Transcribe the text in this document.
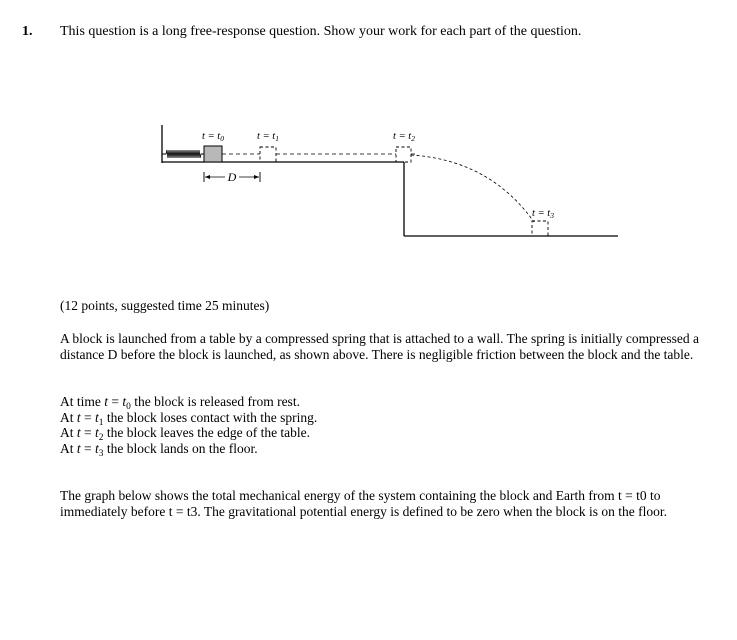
1. This question is a long free-response question. Show your work for each part of the question.
D
t = t0	t = t1	t = t2
t = t3

(12 points, suggested time 25 minutes)

A block is launched from a table by a compressed spring that is attached to a wall. The spring is initially compressed a distance D before the block is launched, as shown above. There is negligible friction between the block and the table.

At time $t = t_0$ the block is released from rest.
At $t = t_1$ the block loses contact with the spring.
At $t = t_2$ the block leaves the edge of the table.
At $t = t_3$ the block lands on the floor.
The graph below shows the total mechanical energy of the system containing the block and Earth from t = t0 to
immediately before t = t3. The gravitational potential energy is defined to be zero when the block is on the floor.
